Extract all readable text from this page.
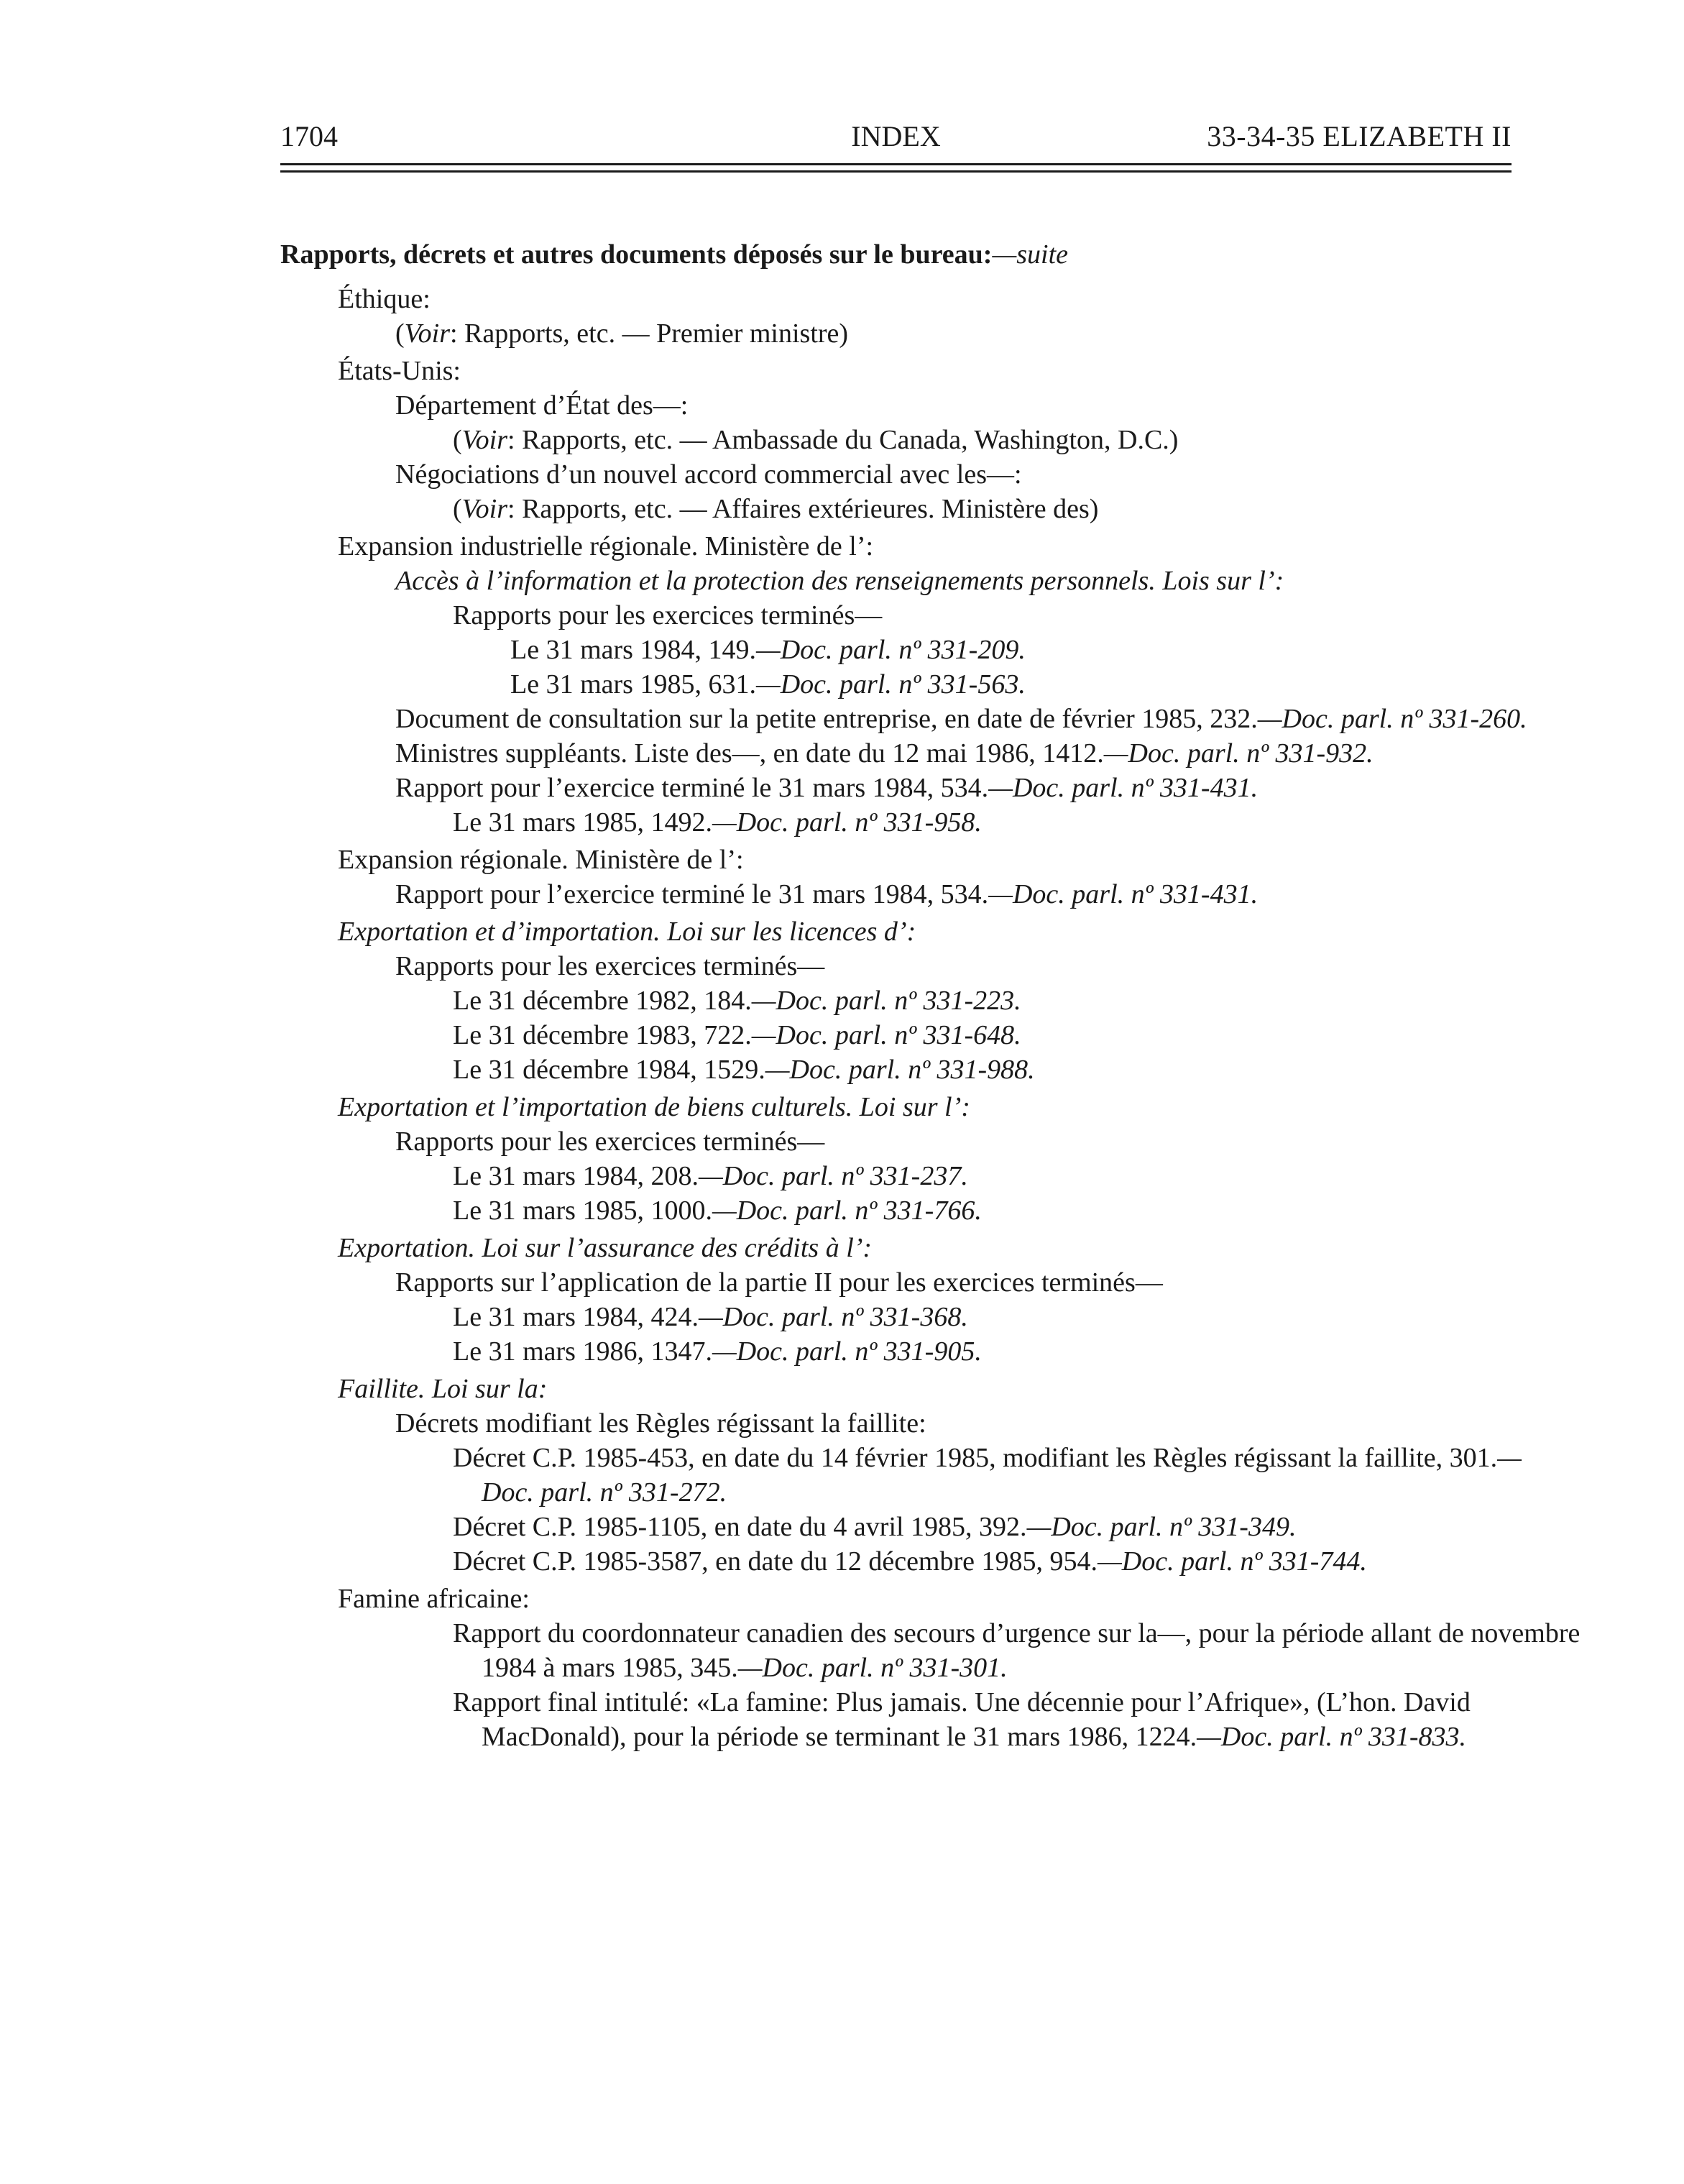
1704	INDEX	33-34-35 ELIZABETH II
Rapports, décrets et autres documents déposés sur le bureau:—suite
Éthique:
(Voir: Rapports, etc. — Premier ministre)
États-Unis:
Département d’État des—:
(Voir: Rapports, etc. — Ambassade du Canada, Washington, D.C.)
Négociations d’un nouvel accord commercial avec les—:
(Voir: Rapports, etc. — Affaires extérieures. Ministère des)
Expansion industrielle régionale. Ministère de l’:
Accès à l’information et la protection des renseignements personnels. Lois sur l’:
Rapports pour les exercices terminés—
Le 31 mars 1984, 149.—Doc. parl. nº 331-209.
Le 31 mars 1985, 631.—Doc. parl. nº 331-563.
Document de consultation sur la petite entreprise, en date de février 1985, 232.—Doc. parl. nº 331-260.
Ministres suppléants. Liste des—, en date du 12 mai 1986, 1412.—Doc. parl. nº 331-932.
Rapport pour l’exercice terminé le 31 mars 1984, 534.—Doc. parl. nº 331-431.
Le 31 mars 1985, 1492.—Doc. parl. nº 331-958.
Expansion régionale. Ministère de l’:
Rapport pour l’exercice terminé le 31 mars 1984, 534.—Doc. parl. nº 331-431.
Exportation et d’importation. Loi sur les licences d’:
Rapports pour les exercices terminés—
Le 31 décembre 1982, 184.—Doc. parl. nº 331-223.
Le 31 décembre 1983, 722.—Doc. parl. nº 331-648.
Le 31 décembre 1984, 1529.—Doc. parl. nº 331-988.
Exportation et l’importation de biens culturels. Loi sur l’:
Rapports pour les exercices terminés—
Le 31 mars 1984, 208.—Doc. parl. nº 331-237.
Le 31 mars 1985, 1000.—Doc. parl. nº 331-766.
Exportation. Loi sur l’assurance des crédits à l’:
Rapports sur l’application de la partie II pour les exercices terminés—
Le 31 mars 1984, 424.—Doc. parl. nº 331-368.
Le 31 mars 1986, 1347.—Doc. parl. nº 331-905.
Faillite. Loi sur la:
Décrets modifiant les Règles régissant la faillite:
Décret C.P. 1985-453, en date du 14 février 1985, modifiant les Règles régissant la faillite, 301.—Doc. parl. nº 331-272.
Décret C.P. 1985-1105, en date du 4 avril 1985, 392.—Doc. parl. nº 331-349.
Décret C.P. 1985-3587, en date du 12 décembre 1985, 954.—Doc. parl. nº 331-744.
Famine africaine:
Rapport du coordonnateur canadien des secours d’urgence sur la—, pour la période allant de novembre 1984 à mars 1985, 345.—Doc. parl. nº 331-301.
Rapport final intitulé: «La famine: Plus jamais. Une décennie pour l’Afrique», (L’hon. David MacDonald), pour la période se terminant le 31 mars 1986, 1224.—Doc. parl. nº 331-833.
